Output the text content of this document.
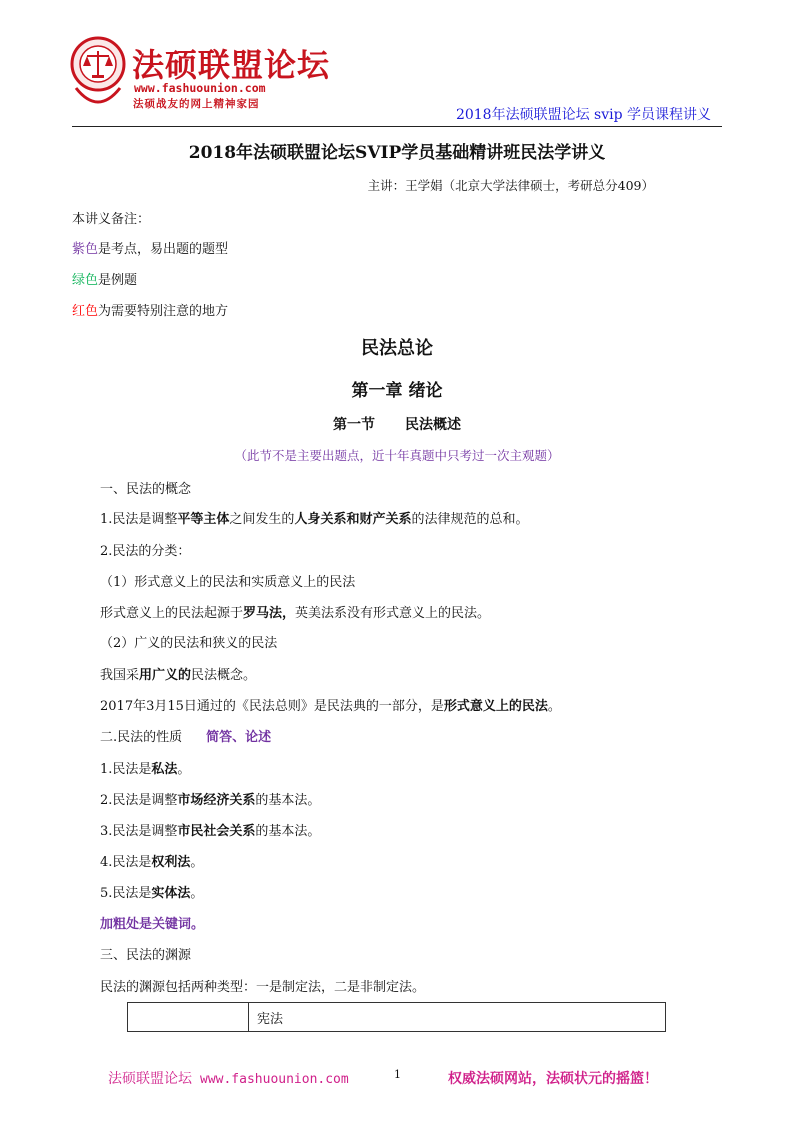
法硕联盟论坛
www.fashuounion.com
法硕战友的网上精神家园
2018年法硕联盟论坛 svip 学员课程讲义
2018年法硕联盟论坛SVIP学员基础精讲班民法学讲义
主讲：王学娟（北京大学法律硕士，考研总分409）
本讲义备注：
紫色是考点，易出题的题型
绿色是例题
红色为需要特别注意的地方
民法总论
第一章 绪论
第一节 民法概述
（此节不是主要出题点，近十年真题中只考过一次主观题）
一、民法的概念
1.民法是调整平等主体之间发生的人身关系和财产关系的法律规范的总和。
2.民法的分类：
（1）形式意义上的民法和实质意义上的民法
形式意义上的民法起源于罗马法，英美法系没有形式意义上的民法。
（2）广义的民法和狭义的民法
我国采用广义的民法概念。
2017年3月15日通过的《民法总则》是民法典的一部分，是形式意义上的民法。
二.民法的性质 简答、论述
1.民法是私法。
2.民法是调整市场经济关系的基本法。
3.民法是调整市民社会关系的基本法。
4.民法是权利法。
5.民法是实体法。
加粗处是关键词。
三、民法的渊源
民法的渊源包括两种类型：一是制定法，二是非制定法。
	宪法
法硕联盟论坛 www.fashuounion.com	1	权威法硕网站，法硕状元的摇篮！
